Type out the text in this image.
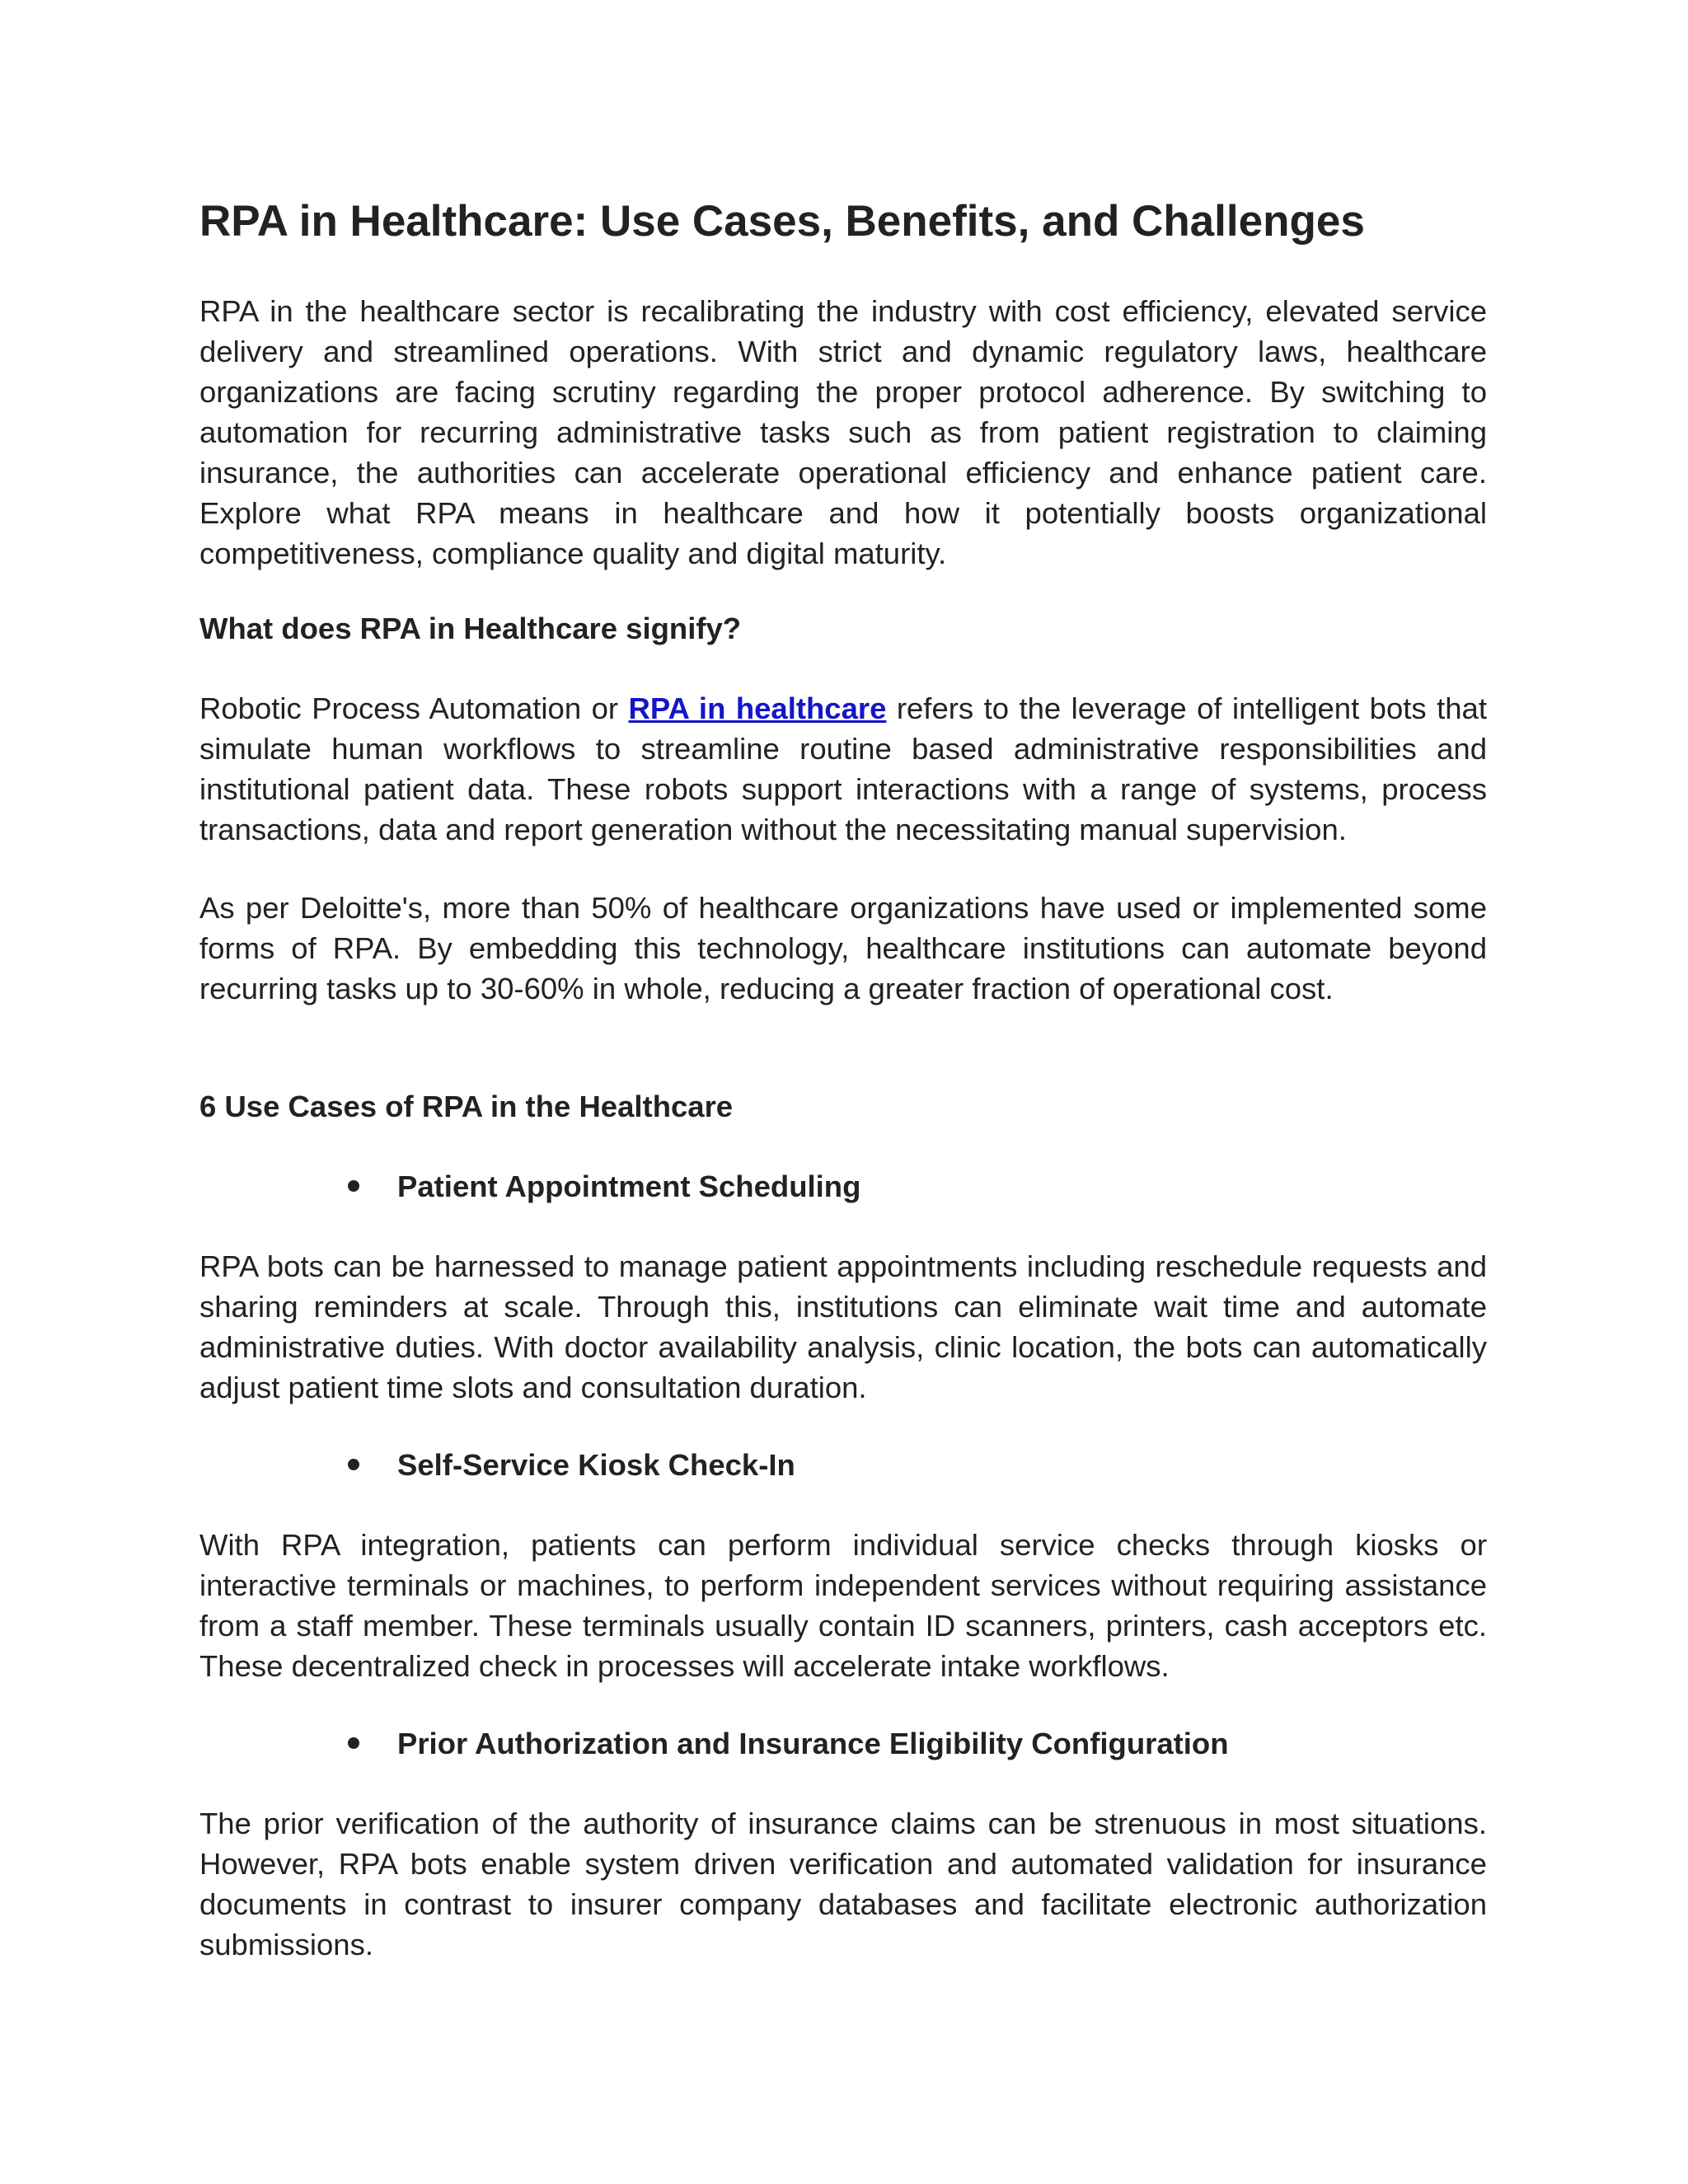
RPA in Healthcare: Use Cases, Benefits, and Challenges

RPA in the healthcare sector is recalibrating the industry with cost efficiency, elevated service delivery and streamlined operations. With strict and dynamic regulatory laws, healthcare organizations are facing scrutiny regarding the proper protocol adherence. By switching to automation for recurring administrative tasks such as from patient registration to claiming insurance, the authorities can accelerate operational efficiency and enhance patient care. Explore what RPA means in healthcare and how it potentially boosts organizational competitiveness, compliance quality and digital maturity.

What does RPA in Healthcare signify?

Robotic Process Automation or RPA in healthcare refers to the leverage of intelligent bots that simulate human workflows to streamline routine based administrative responsibilities and institutional patient data. These robots support interactions with a range of systems, process transactions, data and report generation without the necessitating manual supervision.

As per Deloitte's, more than 50% of healthcare organizations have used or implemented some forms of RPA. By embedding this technology, healthcare institutions can automate beyond recurring tasks up to 30-60% in whole, reducing a greater fraction of operational cost.

6 Use Cases of RPA in the Healthcare
Patient Appointment Scheduling

RPA bots can be harnessed to manage patient appointments including reschedule requests and sharing reminders at scale. Through this, institutions can eliminate wait time and automate administrative duties. With doctor availability analysis, clinic location, the bots can automatically adjust patient time slots and consultation duration.

Self-Service Kiosk Check-In

With RPA integration, patients can perform individual service checks through kiosks or interactive terminals or machines, to perform independent services without requiring assistance from a staff member. These terminals usually contain ID scanners, printers, cash acceptors etc. These decentralized check in processes will accelerate intake workflows.

Prior Authorization and Insurance Eligibility Configuration

The prior verification of the authority of insurance claims can be strenuous in most situations. However, RPA bots enable system driven verification and automated validation for insurance documents in contrast to insurer company databases and facilitate electronic authorization submissions.
